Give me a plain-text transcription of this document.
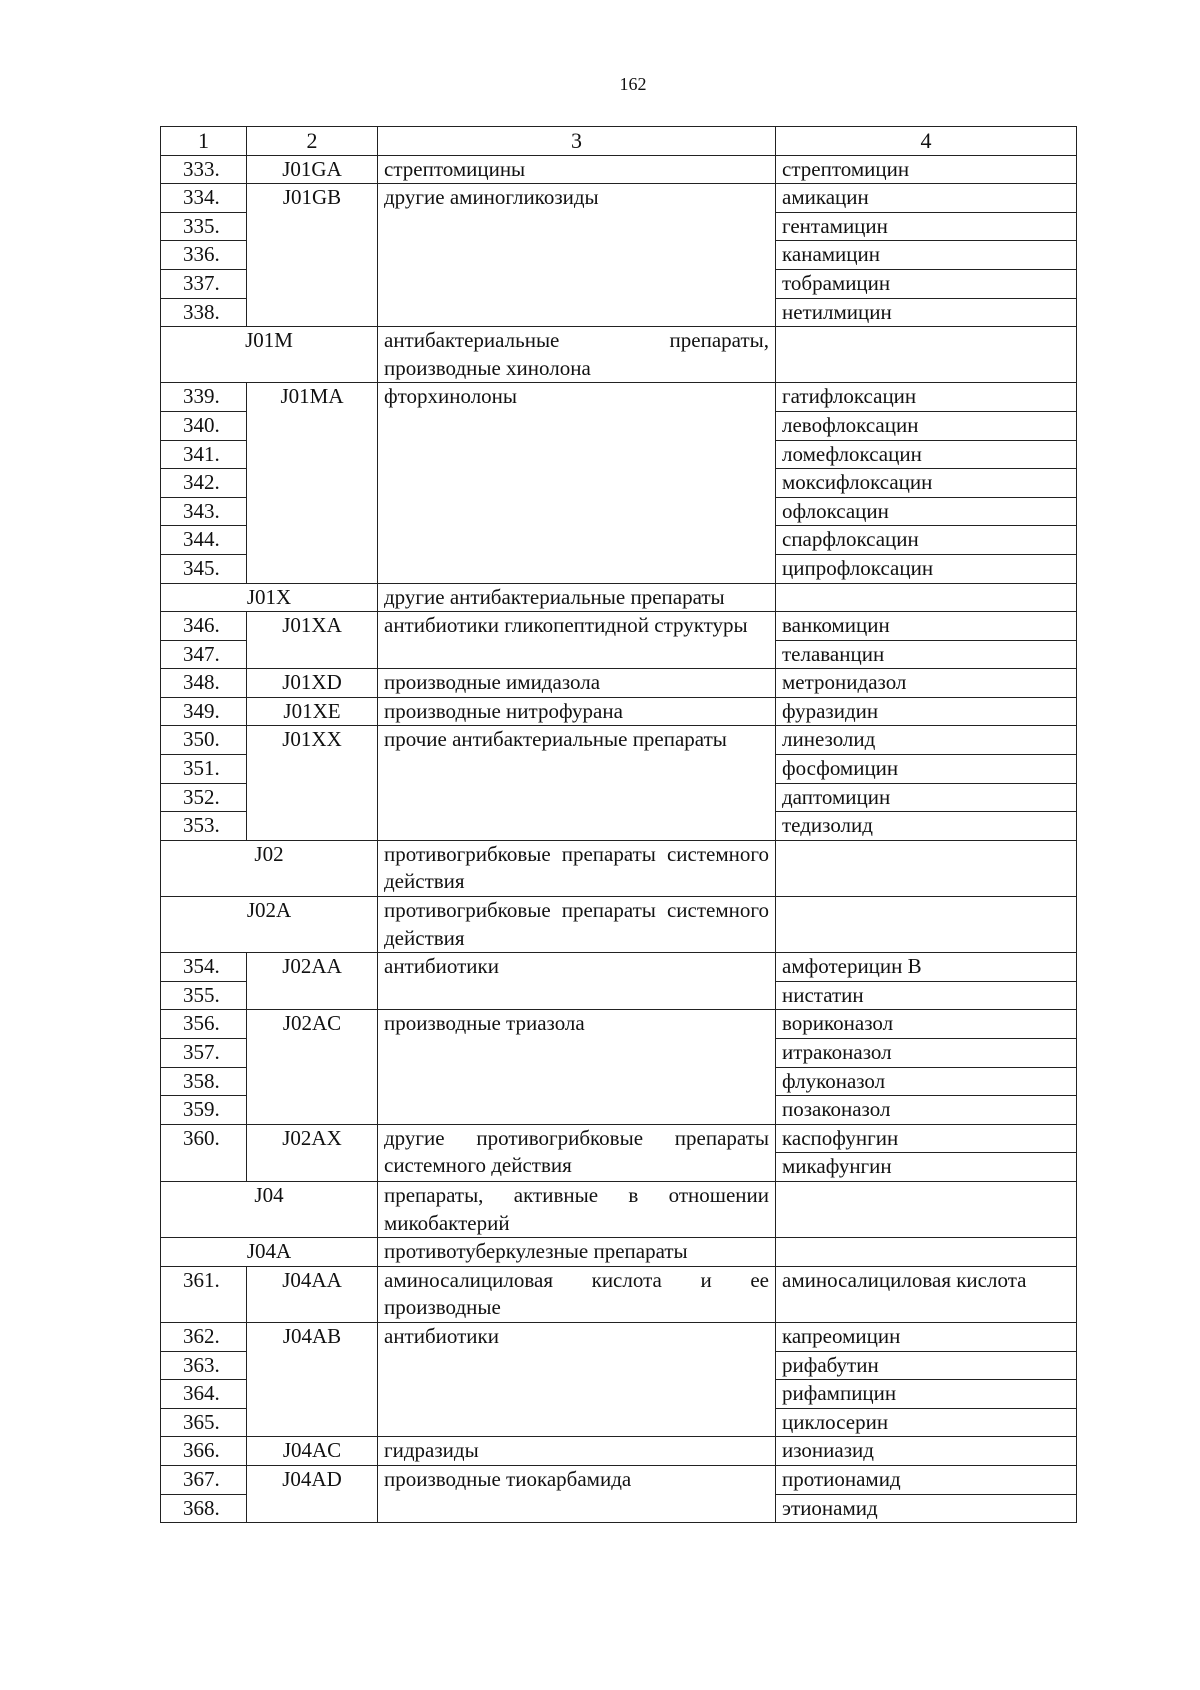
162
1	2	3	4
333.	J01GA	стрептомицины	стрептомицин
334.	J01GB	другие аминогликозиды	амикацин
335.			гентамицин
336.			канамицин
337.			тобрамицин
338.			нетилмицин
J01M		антибактериальные препараты, производные хинолона	
339.	J01MA	фторхинолоны	гатифлоксацин
340.			левофлоксацин
341.			ломефлоксацин
342.			моксифлоксацин
343.			офлоксацин
344.			спарфлоксацин
345.			ципрофлоксацин
J01X		другие антибактериальные препараты	
346.	J01XA	антибиотики гликопептидной структуры	ванкомицин
347.			телаванцин
348.	J01XD	производные имидазола	метронидазол
349.	J01XE	производные нитрофурана	фуразидин
350.	J01XX	прочие антибактериальные препараты	линезолид
351.			фосфомицин
352.			даптомицин
353.			тедизолид
J02		противогрибковые препараты системного действия	
J02A		противогрибковые препараты системного действия	
354.	J02AA	антибиотики	амфотерицин В
355.			нистатин
356.	J02AC	производные триазола	вориконазол
357.			итраконазол
358.			флуконазол
359.			позаконазол
360.	J02AX	другие противогрибковые препараты системного действия	каспофунгин
			микафунгин
J04		препараты, активные в отношении микобактерий	
J04A		противотуберкулезные препараты	
361.	J04AA	аминосалициловая кислота и ее производные	аминосалициловая кислота
362.	J04AB	антибиотики	капреомицин
363.			рифабутин
364.			рифампицин
365.			циклосерин
366.	J04AC	гидразиды	изониазид
367.	J04AD	производные тиокарбамида	протионамид
368.			этионамид
